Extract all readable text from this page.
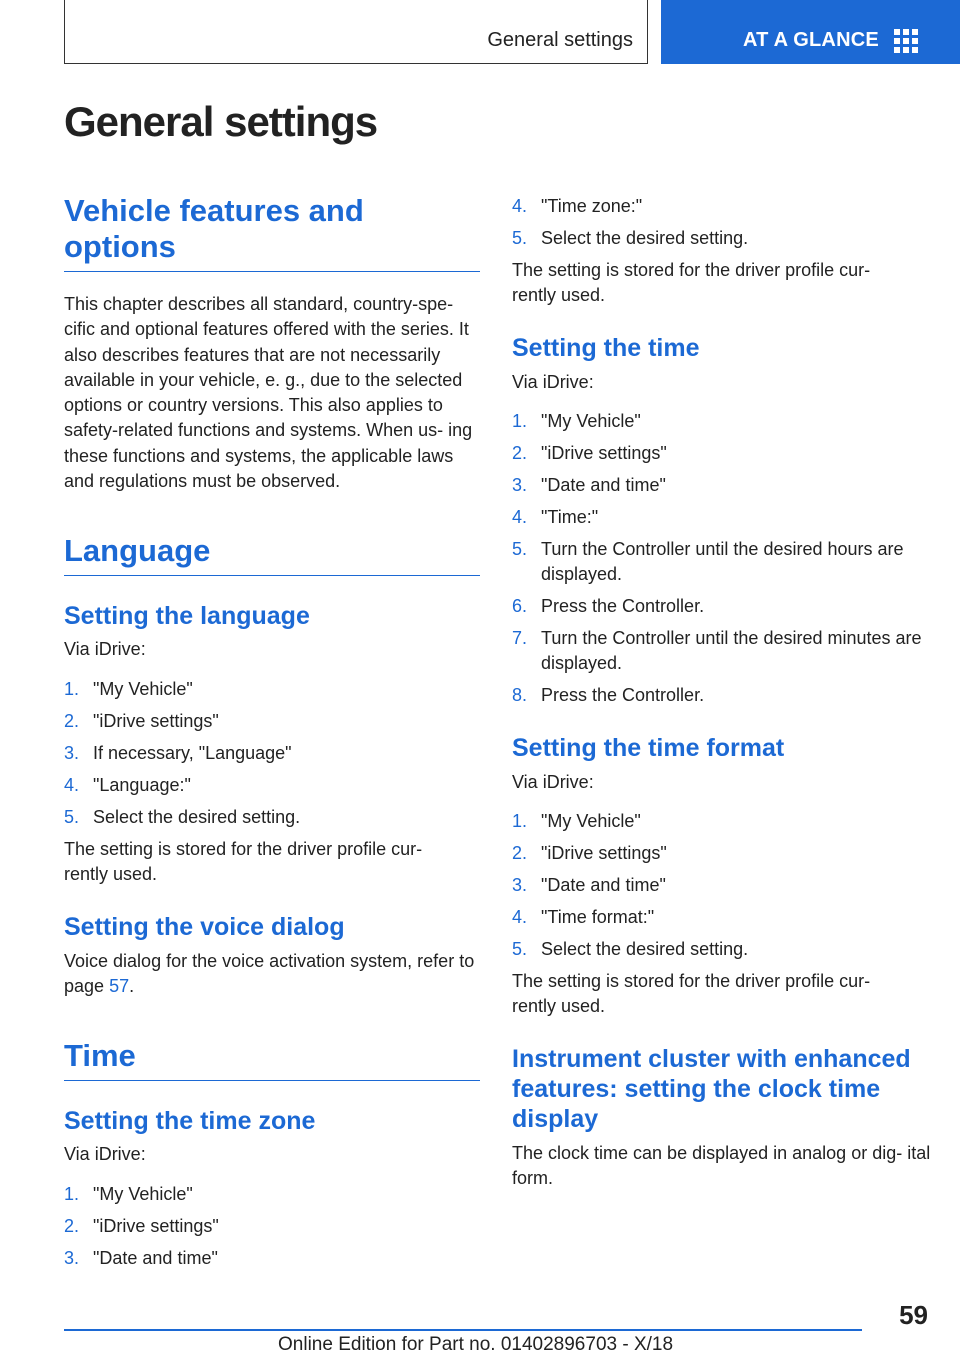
General settings	AT A GLANCE
General settings
Vehicle features and options

This chapter describes all standard, country-spe- cific and optional features offered with the series. It also describes features that are not necessarily available in your vehicle, e. g., due to the selected options or country versions. This also applies to safety-related functions and systems. When us- ing these functions and systems, the applicable laws and regulations must be observed.

Language
Setting the language

Via iDrive:

1. "My Vehicle"
2. "iDrive settings"
3. If necessary, "Language"
4. "Language:"
5. Select the desired setting.

The setting is stored for the driver profile cur- rently used.

Setting the voice dialog

Voice dialog for the voice activation system, refer to page 57.

Time
Setting the time zone

Via iDrive:

1. "My Vehicle"
2. "iDrive settings"
3. "Date and time"
4. "Time zone:"
5. Select the desired setting.

The setting is stored for the driver profile cur- rently used.

Setting the time

Via iDrive:

1. "My Vehicle"
2. "iDrive settings"
3. "Date and time"
4. "Time:"
5. Turn the Controller until the desired hours are displayed.
6. Press the Controller.
7. Turn the Controller until the desired minutes are displayed.
8. Press the Controller.
Setting the time format

Via iDrive:

1. "My Vehicle"
2. "iDrive settings"
3. "Date and time"
4. "Time format:"
5. Select the desired setting.

The setting is stored for the driver profile cur- rently used.

Instrument cluster with enhanced features: setting the clock time display

The clock time can be displayed in analog or dig- ital form.

59
Online Edition for Part no. 01402896703 - X/18
